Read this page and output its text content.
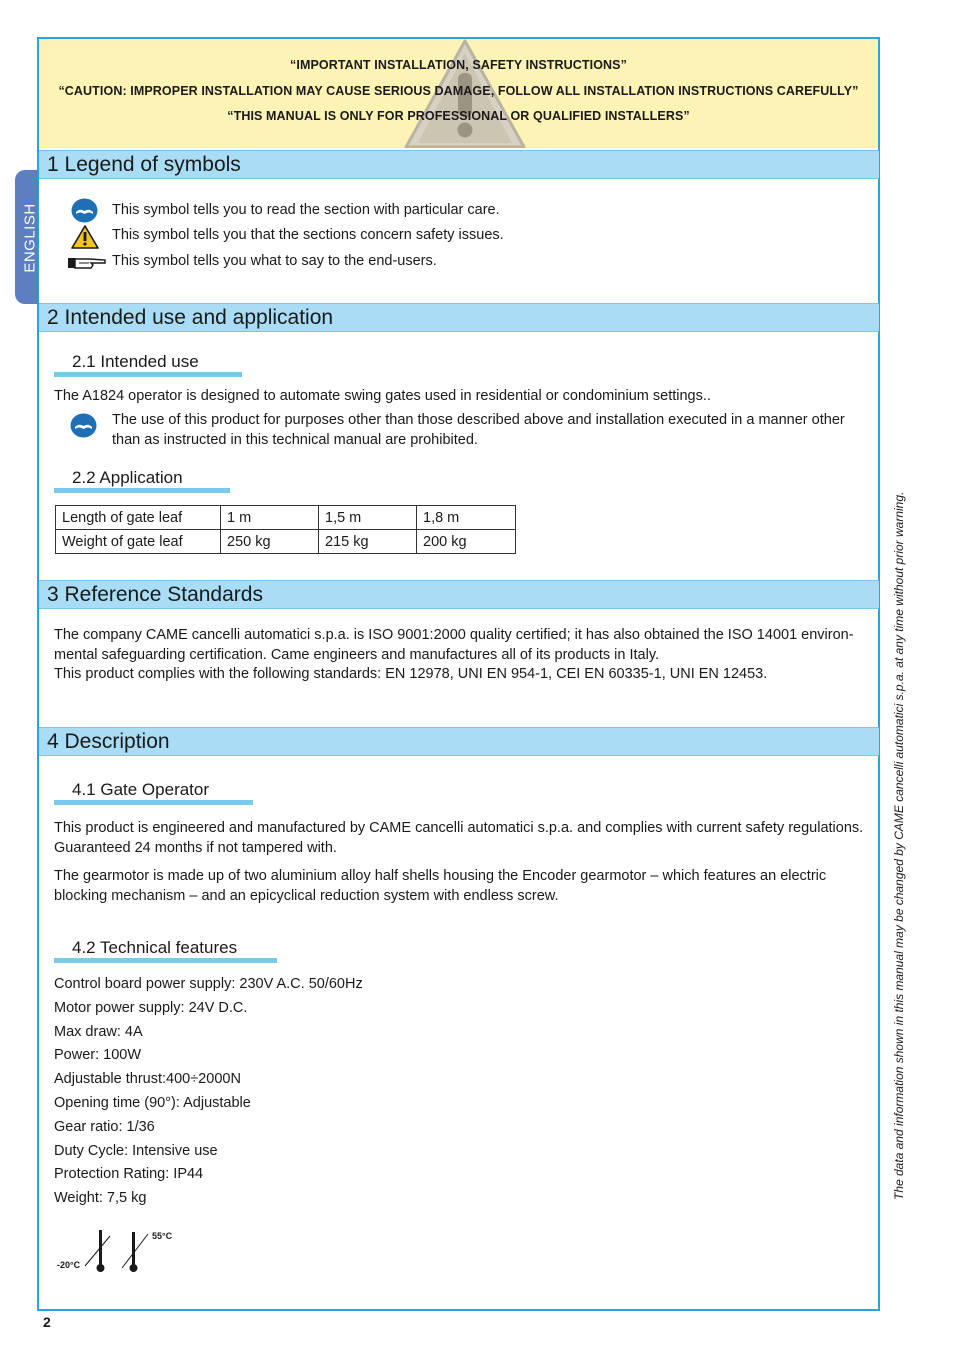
“IMPORTANT INSTALLATION, SAFETY INSTRUCTIONS”
“CAUTION: IMPROPER INSTALLATION MAY CAUSE SERIOUS DAMAGE, FOLLOW ALL INSTALLATION INSTRUCTIONS CAREFULLY”
“THIS MANUAL IS ONLY FOR PROFESSIONAL OR QUALIFIED INSTALLERS”
ENGLISH
1 Legend of symbols
This symbol tells you to read the section with particular care.
This symbol tells you that the sections concern safety issues.
This symbol tells you what to say to the end-users.
2 Intended use and application
2.1 Intended use
The A1824 operator is designed to automate swing gates used in residential or condominium settings..
The use of this product for purposes other than those described above and installation executed in a manner other than as instructed in this technical manual are prohibited.
2.2 Application
Length of gate leaf	1 m	1,5 m	1,8 m
Weight of gate leaf	250 kg	215 kg	200 kg
3 Reference Standards
The company CAME cancelli automatici s.p.a. is ISO 9001:2000 quality certified; it has also obtained the ISO 14001 environ-mental safeguarding certification. Came engineers and manufactures all of its products in Italy.
This product complies with the following standards: EN 12978, UNI EN 954-1, CEI EN 60335-1, UNI EN 12453.
4 Description
4.1 Gate Operator
This product is engineered and manufactured by CAME cancelli automatici s.p.a. and complies with current safety regulations. Guaranteed 24 months if not tampered with.
The gearmotor is made up of two aluminium alloy half shells housing the Encoder gearmotor – which features an electric blocking mechanism – and an epicyclical reduction system with endless screw.
4.2 Technical features
Control board power supply: 230V A.C. 50/60Hz
Motor power supply: 24V D.C.
Max draw: 4A
Power: 100W
Adjustable thrust:400÷2000N
Opening time (90°): Adjustable
Gear ratio: 1/36
Duty Cycle: Intensive use
Protection Rating: IP44
Weight: 7,5 kg
-20°C
55°C
The data and information shown in this manual may be changed by CAME cancelli automatici s.p.a. at any time without prior warning.
2
